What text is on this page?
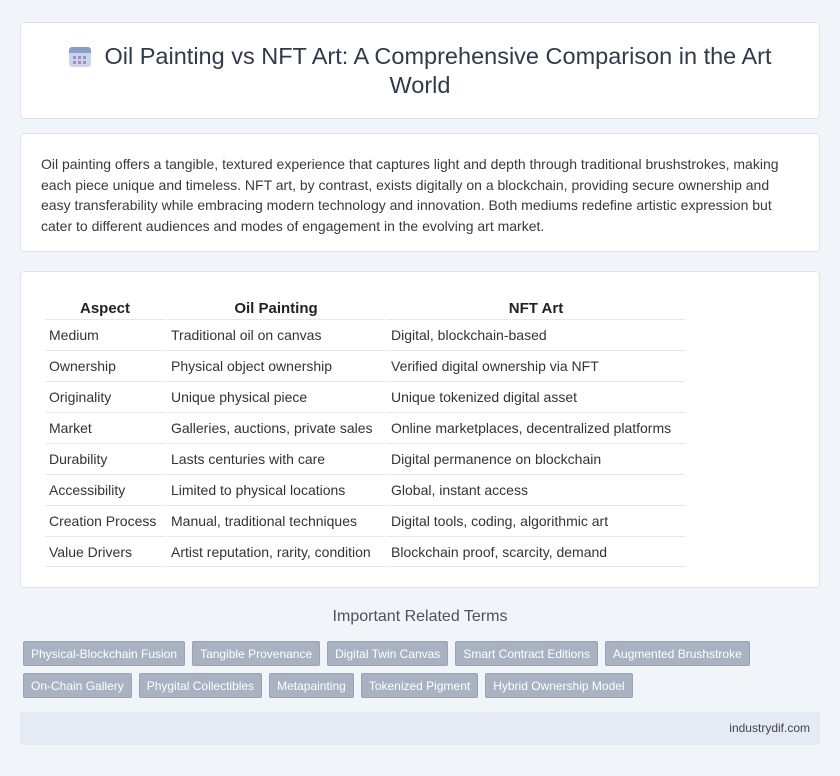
Oil Painting vs NFT Art: A Comprehensive Comparison in the Art World

Oil painting offers a tangible, textured experience that captures light and depth through traditional brushstrokes, making each piece unique and timeless. NFT art, by contrast, exists digitally on a blockchain, providing secure ownership and easy transferability while embracing modern technology and innovation. Both mediums redefine artistic expression but cater to different audiences and modes of engagement in the evolving art market.

Aspect	Oil Painting	NFT Art
Medium	Traditional oil on canvas	Digital, blockchain-based
Ownership	Physical object ownership	Verified digital ownership via NFT
Originality	Unique physical piece	Unique tokenized digital asset
Market	Galleries, auctions, private sales	Online marketplaces, decentralized platforms
Durability	Lasts centuries with care	Digital permanence on blockchain
Accessibility	Limited to physical locations	Global, instant access
Creation Process	Manual, traditional techniques	Digital tools, coding, algorithmic art
Value Drivers	Artist reputation, rarity, condition	Blockchain proof, scarcity, demand
Important Related Terms
Physical-Blockchain Fusion	Tangible Provenance	Digital Twin Canvas	Smart Contract Editions	Augmented Brushstroke
On-Chain Gallery	Phygital Collectibles	Metapainting	Tokenized Pigment	Hybrid Ownership Model
industrydif.com
